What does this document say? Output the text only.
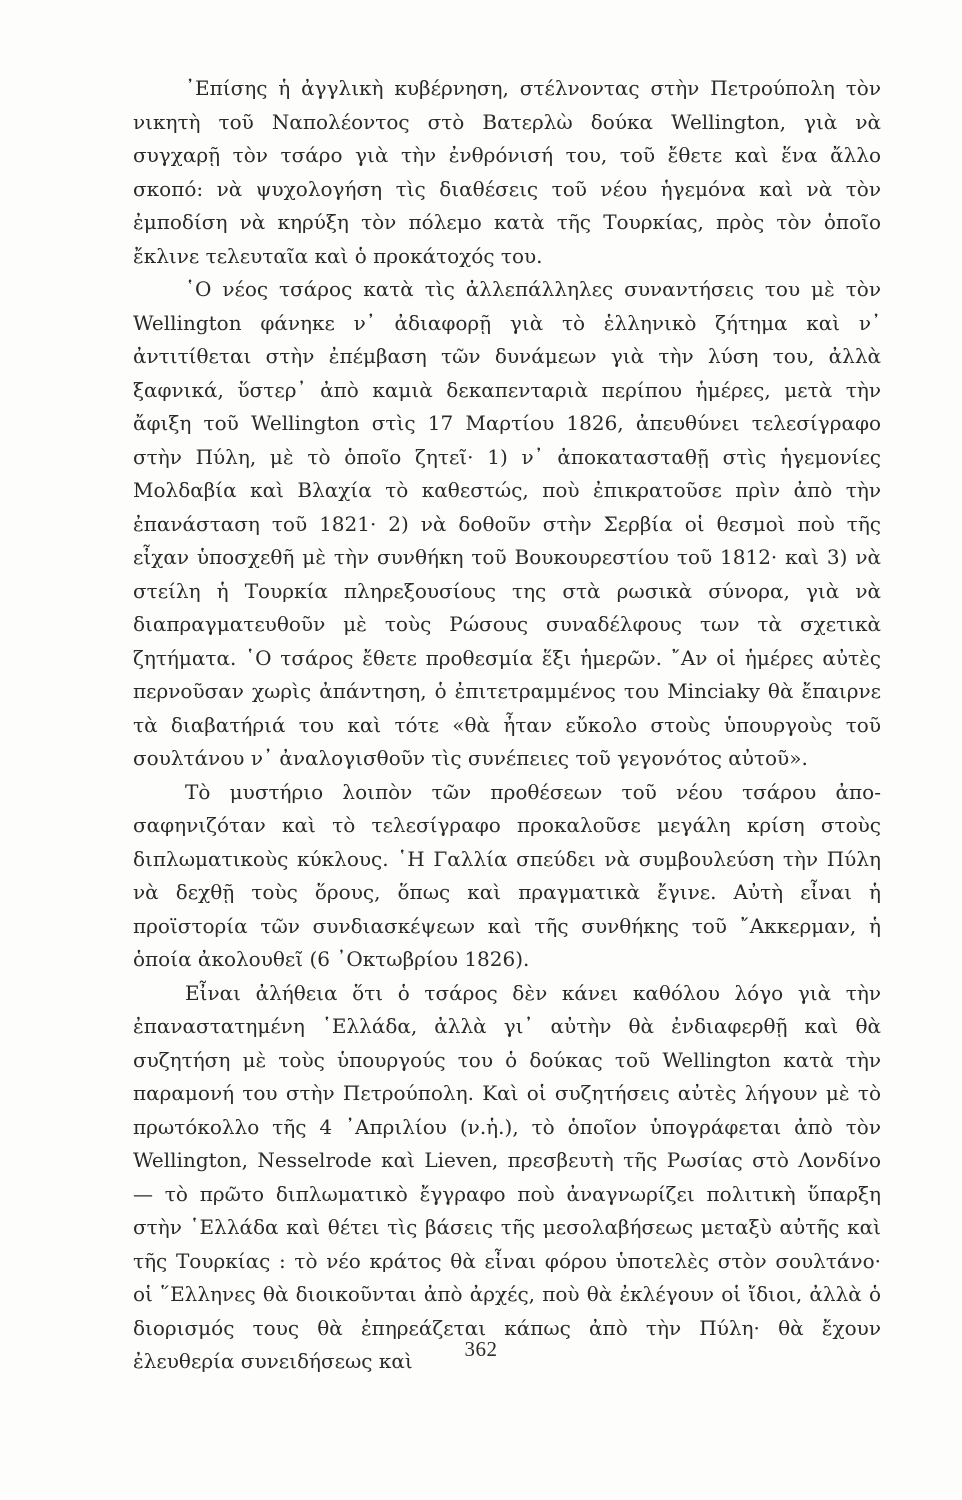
᾽Επίσης ἡ ἀγγλικὴ κυβέρνηση, στέλνοντας στὴν Πετρούπολη τὸν νικητὴ τοῦ Ναπολέοντος στὸ Βατερλὼ δούκα Wellington, γιὰ νὰ συγχαρῇ τὸν τσάρο γιὰ τὴν ἐνθρόνισή του, τοῦ ἔθετε καὶ ἕνα ἄλλο σκοπό: νὰ ψυχολογήση τὶς διαθέσεις τοῦ νέου ἡγεμόνα καὶ νὰ τὸν ἐμποδίση νὰ κηρύξη τὸν πόλεμο κατὰ τῆς Τουρκίας, πρὸς τὸν ὁποῖο ἔκλινε τελευταῖα καὶ ὁ προκάτοχός του.

῾Ο νέος τσάρος κατὰ τὶς ἀλλεπάλληλες συναντήσεις του μὲ τὸν Wellington φάνηκε ν᾽ ἀδιαφορῇ γιὰ τὸ ἑλληνικὸ ζήτημα καὶ ν᾽ ἀντιτίθεται στὴν ἐπέμβαση τῶν δυνάμεων γιὰ τὴν λύση του, ἀλλὰ ξαφνικά, ὕστερ᾽ ἀπὸ καμιὰ δεκαπενταριὰ περίπου ἡμέρες, μετὰ τὴν ἄφιξη τοῦ Wellington στὶς 17 Μαρτίου 1826, ἀπευθύνει τελεσίγραφο στὴν Πύλη, μὲ τὸ ὁποῖο ζητεῖ· 1) ν᾽ ἀποκατασταθῇ στὶς ἡγεμονίες Μολδαβία καὶ Βλαχία τὸ καθεστώς, ποὺ ἐπικρατοῦσε πρὶν ἀπὸ τὴν ἐπανάσταση τοῦ 1821· 2) νὰ δοθοῦν στὴν Σερβία οἱ θεσμοὶ ποὺ τῆς εἶχαν ὑποσχεθῆ μὲ τὴν συνθήκη τοῦ Βουκουρεστίου τοῦ 1812· καὶ 3) νὰ στείλη ἡ Τουρκία πληρεξουσίους της στὰ ρωσικὰ σύνορα, γιὰ νὰ διαπραγματευθοῦν μὲ τοὺς Ρώσους συναδέλφους των τὰ σχετικὰ ζητήματα. ῾Ο τσάρος ἔθετε προθεσμία ἕξι ἡμερῶν. ῎Αν οἱ ἡμέρες αὐτὲς περνοῦσαν χωρὶς ἀπάντηση, ὁ ἐπιτετραμμένος του Minciaky θὰ ἔπαιρνε τὰ διαβατήριά του καὶ τότε «θὰ ἦταν εὔκολο στοὺς ὑπουργοὺς τοῦ σουλτάνου ν᾽ ἀναλογισθοῦν τὶς συνέπειες τοῦ γεγονότος αὐτοῦ».

Τὸ μυστήριο λοιπὸν τῶν προθέσεων τοῦ νέου τσάρου ἀποσαφηνιζόταν καὶ τὸ τελεσίγραφο προκαλοῦσε μεγάλη κρίση στοὺς διπλωματικοὺς κύκλους. ῾Η Γαλλία σπεύδει νὰ συμβουλεύση τὴν Πύλη νὰ δεχθῇ τοὺς ὅρους, ὅπως καὶ πραγματικὰ ἔγινε. Αὐτὴ εἶναι ἡ προϊστορία τῶν συνδιασκέψεων καὶ τῆς συνθήκης τοῦ ῎Ακκερμαν, ἡ ὁποία ἀκολουθεῖ (6 ᾽Οκτωβρίου 1826).

Εἶναι ἀλήθεια ὅτι ὁ τσάρος δὲν κάνει καθόλου λόγο γιὰ τὴν ἐπαναστατημένη ῾Ελλάδα, ἀλλὰ γι᾽ αὐτὴν θὰ ἐνδιαφερθῇ καὶ θὰ συζητήση μὲ τοὺς ὑπουργούς του ὁ δούκας τοῦ Wellington κατὰ τὴν παραμονή του στὴν Πετρούπολη. Καὶ οἱ συζητήσεις αὐτὲς λήγουν μὲ τὸ πρωτόκολλο τῆς 4 ᾽Απριλίου (ν.ἡ.), τὸ ὁποῖον ὑπογράφεται ἀπὸ τὸν Wellington, Nesselrode καὶ Lieven, πρεσβευτὴ τῆς Ρωσίας στὸ Λονδίνο — τὸ πρῶτο διπλωματικὸ ἔγγραφο ποὺ ἀναγνωρίζει πολιτικὴ ὕπαρξη στὴν ῾Ελλάδα καὶ θέτει τὶς βάσεις τῆς μεσολαβήσεως μεταξὺ αὐτῆς καὶ τῆς Τουρκίας : τὸ νέο κράτος θὰ εἶναι φόρου ὑποτελὲς στὸν σουλτάνο· οἱ ῞Ελληνες θὰ διοικοῦνται ἀπὸ ἀρχές, ποὺ θὰ ἐκλέγουν οἱ ἴδιοι, ἀλλὰ ὁ διορισμός τους θὰ ἐπηρεάζεται κάπως ἀπὸ τὴν Πύλη· θὰ ἔχουν ἐλευθερία συνειδήσεως καὶ	362
